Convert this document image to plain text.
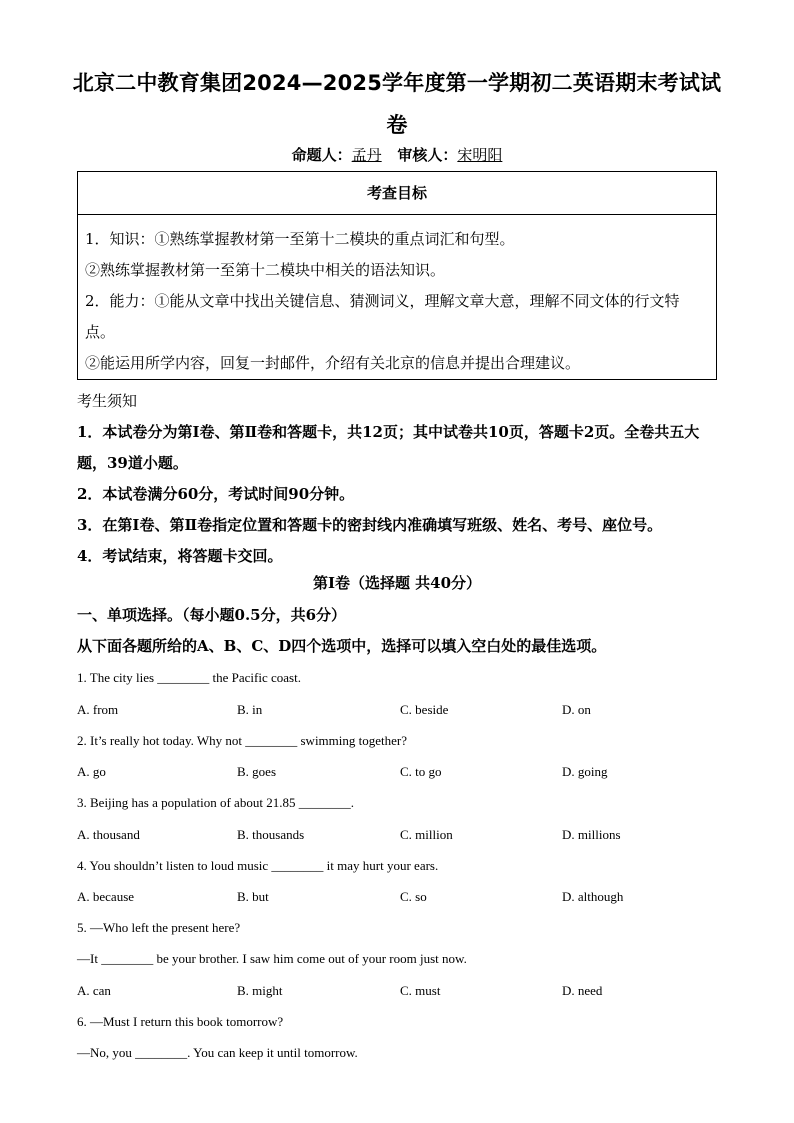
北京二中教育集团2024—2025学年度第一学期初二英语期末考试试卷
命题人：孟丹 审核人：宋明阳
考查目标

1．知识：①熟练掌握教材第一至第十二模块的重点词汇和句型。

②熟练掌握教材第一至第十二模块中相关的语法知识。

2．能力：①能从文章中找出关键信息、猜测词义，理解文章大意，理解不同文体的行文特点。

②能运用所学内容，回复一封邮件，介绍有关北京的信息并提出合理建议。

考生须知

1．本试卷分为第Ⅰ卷、第Ⅱ卷和答题卡，共12页；其中试卷共10页，答题卡2页。全卷共五大题，39道小题。

2．本试卷满分60分，考试时间90分钟。

3．在第Ⅰ卷、第Ⅱ卷指定位置和答题卡的密封线内准确填写班级、姓名、考号、座位号。

4．考试结束，将答题卡交回。

第Ⅰ卷（选择题 共40分）
一、单项选择。（每小题0.5分，共6分）
从下面各题所给的A、B、C、D四个选项中，选择可以填入空白处的最佳选项。
1. The city lies ________ the Pacific coast.
A. from	B. in	C. beside	D. on
2. It’s really hot today. Why not ________ swimming together?
A. go	B. goes	C. to go	D. going
3. Beijing has a population of about 21.85 ________.
A. thousand	B. thousands	C. million	D. millions
4. You shouldn’t listen to loud music ________ it may hurt your ears.
A. because	B. but	C. so	D. although
5. —Who left the present here?
—It ________ be your brother. I saw him come out of your room just now.
A. can	B. might	C. must	D. need
6. —Must I return this book tomorrow?
—No, you ________. You can keep it until tomorrow.
